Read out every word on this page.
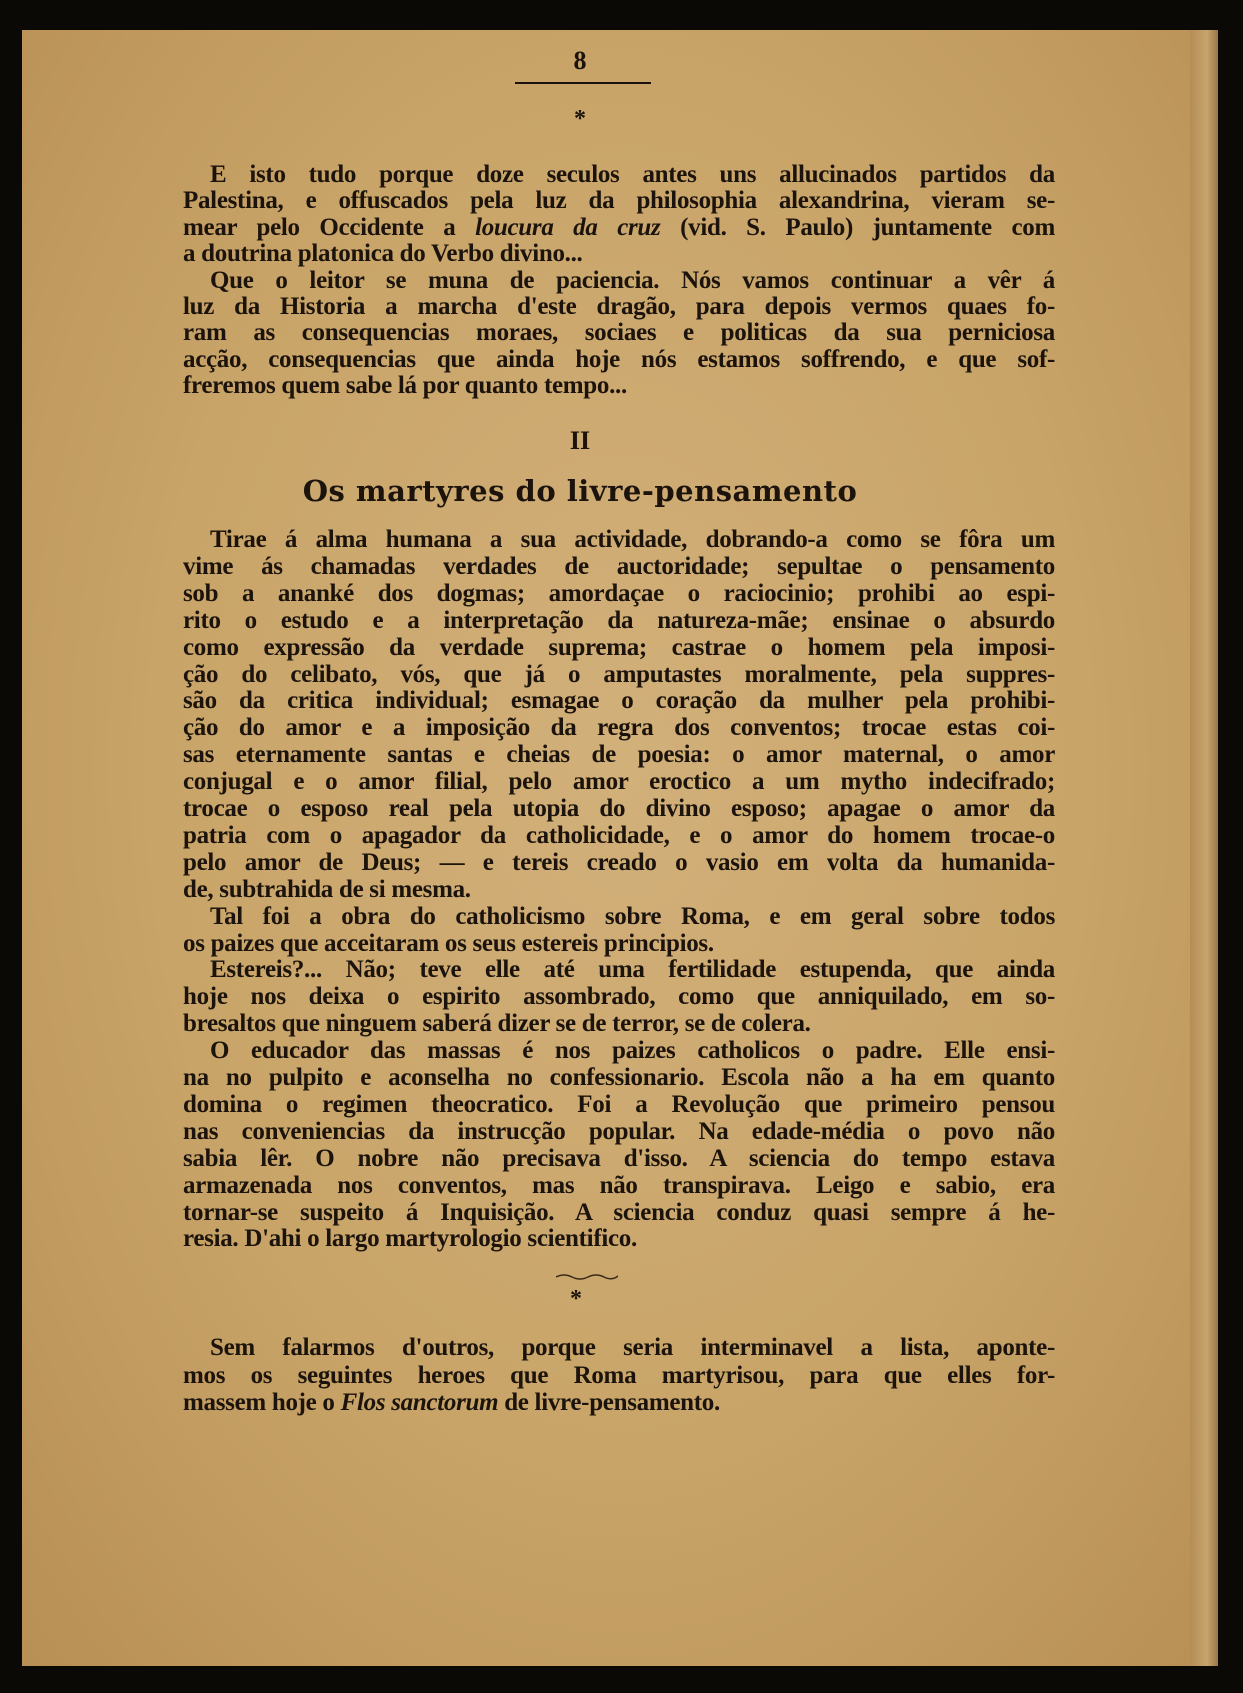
8
*
E isto tudo porque doze seculos antes uns allucinados partidos da
Palestina, e offuscados pela luz da philosophia alexandrina, vieram se-
mear pelo Occidente a loucura da cruz (vid. S. Paulo) juntamente com
a doutrina platonica do Verbo divino...
Que o leitor se muna de paciencia. Nós vamos continuar a vêr á
luz da Historia a marcha d'este dragão, para depois vermos quaes fo-
ram as consequencias moraes, sociaes e politicas da sua perniciosa
acção, consequencias que ainda hoje nós estamos soffrendo, e que sof-
freremos quem sabe lá por quanto tempo...
II
Os martyres do livre-pensamento
Tirae á alma humana a sua actividade, dobrando-a como se fôra um
vime ás chamadas verdades de auctoridade; sepultae o pensamento
sob a ananké dos dogmas; amordaçae o raciocinio; prohibi ao espi-
rito o estudo e a interpretação da natureza-mãe; ensinae o absurdo
como expressão da verdade suprema; castrae o homem pela imposi-
ção do celibato, vós, que já o amputastes moralmente, pela suppres-
são da critica individual; esmagae o coração da mulher pela prohibi-
ção do amor e a imposição da regra dos conventos; trocae estas coi-
sas eternamente santas e cheias de poesia: o amor maternal, o amor
conjugal e o amor filial, pelo amor eroctico a um mytho indecifrado;
trocae o esposo real pela utopia do divino esposo; apagae o amor da
patria com o apagador da catholicidade, e o amor do homem trocae-o
pelo amor de Deus; — e tereis creado o vasio em volta da humanida-
de, subtrahida de si mesma.
Tal foi a obra do catholicismo sobre Roma, e em geral sobre todos
os paizes que acceitaram os seus estereis principios.
Estereis?... Não; teve elle até uma fertilidade estupenda, que ainda
hoje nos deixa o espirito assombrado, como que anniquilado, em so-
bresaltos que ninguem saberá dizer se de terror, se de colera.
O educador das massas é nos paizes catholicos o padre. Elle ensi-
na no pulpito e aconselha no confessionario. Escola não a ha em quanto
domina o regimen theocratico. Foi a Revolução que primeiro pensou
nas conveniencias da instrucção popular. Na edade-média o povo não
sabia lêr. O nobre não precisava d'isso. A sciencia do tempo estava
armazenada nos conventos, mas não transpirava. Leigo e sabio, era
tornar-se suspeito á Inquisição. A sciencia conduz quasi sempre á he-
resia. D'ahi o largo martyrologio scientifico.
*
Sem falarmos d'outros, porque seria interminavel a lista, aponte-
mos os seguintes heroes que Roma martyrisou, para que elles for-
massem hoje o Flos sanctorum de livre-pensamento.
